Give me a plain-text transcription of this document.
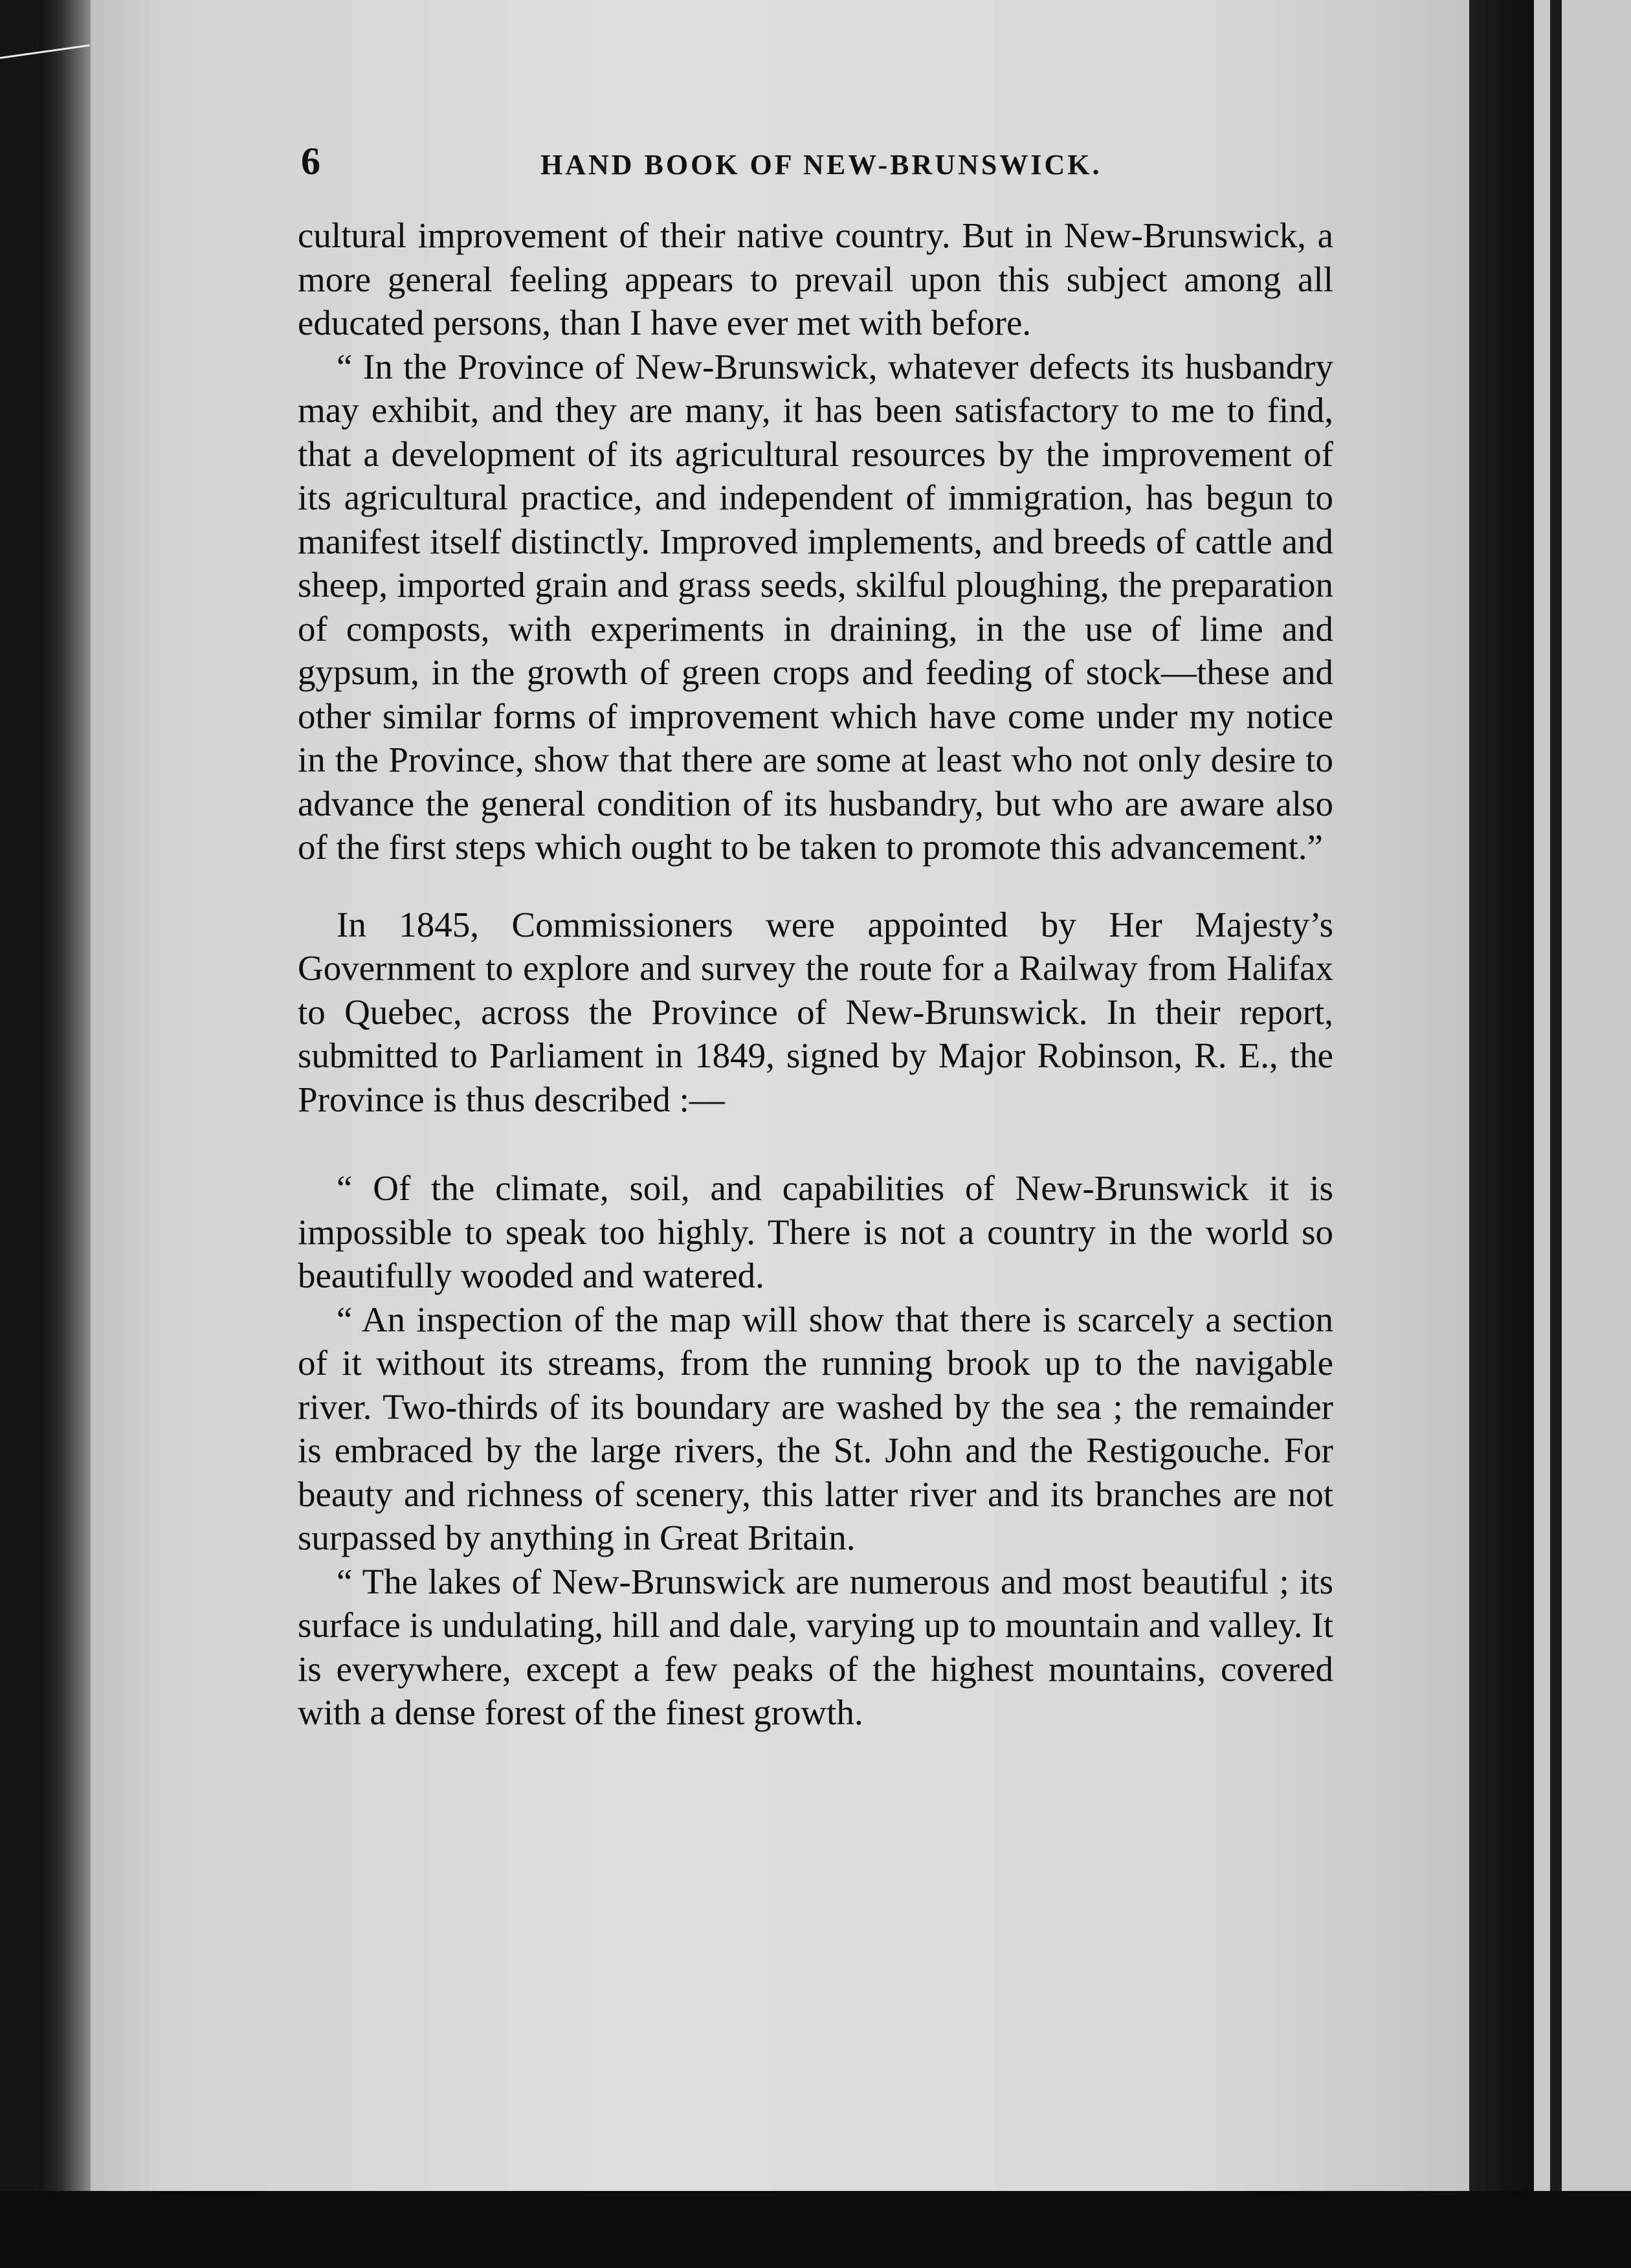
6	HAND BOOK OF NEW-BRUNSWICK.

cultural improvement of their native country. But in New-Brunswick, a more general feeling appears to prevail upon this subject among all educated persons, than I have ever met with before.

“ In the Province of New-Brunswick, whatever defects its husbandry may exhibit, and they are many, it has been satisfactory to me to find, that a development of its agricultural resources by the improvement of its agricultural practice, and independent of immigration, has begun to manifest itself distinctly. Improved implements, and breeds of cattle and sheep, imported grain and grass seeds, skilful ploughing, the preparation of composts, with experiments in draining, in the use of lime and gypsum, in the growth of green crops and feeding of stock—these and other similar forms of improvement which have come under my notice in the Province, show that there are some at least who not only desire to advance the general condition of its husbandry, but who are aware also of the first steps which ought to be taken to promote this advancement.”

In 1845, Commissioners were appointed by Her Majesty’s Government to explore and survey the route for a Railway from Halifax to Quebec, across the Province of New-Brunswick. In their report, submitted to Parliament in 1849, signed by Major Robinson, R. E., the Province is thus described :—

“ Of the climate, soil, and capabilities of New-Brunswick it is impossible to speak too highly. There is not a country in the world so beautifully wooded and watered.

“ An inspection of the map will show that there is scarcely a section of it without its streams, from the running brook up to the navigable river. Two-thirds of its boundary are washed by the sea ; the remainder is embraced by the large rivers, the St. John and the Restigouche. For beauty and richness of scenery, this latter river and its branches are not surpassed by anything in Great Britain.

“ The lakes of New-Brunswick are numerous and most beautiful ; its surface is undulating, hill and dale, varying up to mountain and valley. It is everywhere, except a few peaks of the highest mountains, covered with a dense forest of the finest growth.
